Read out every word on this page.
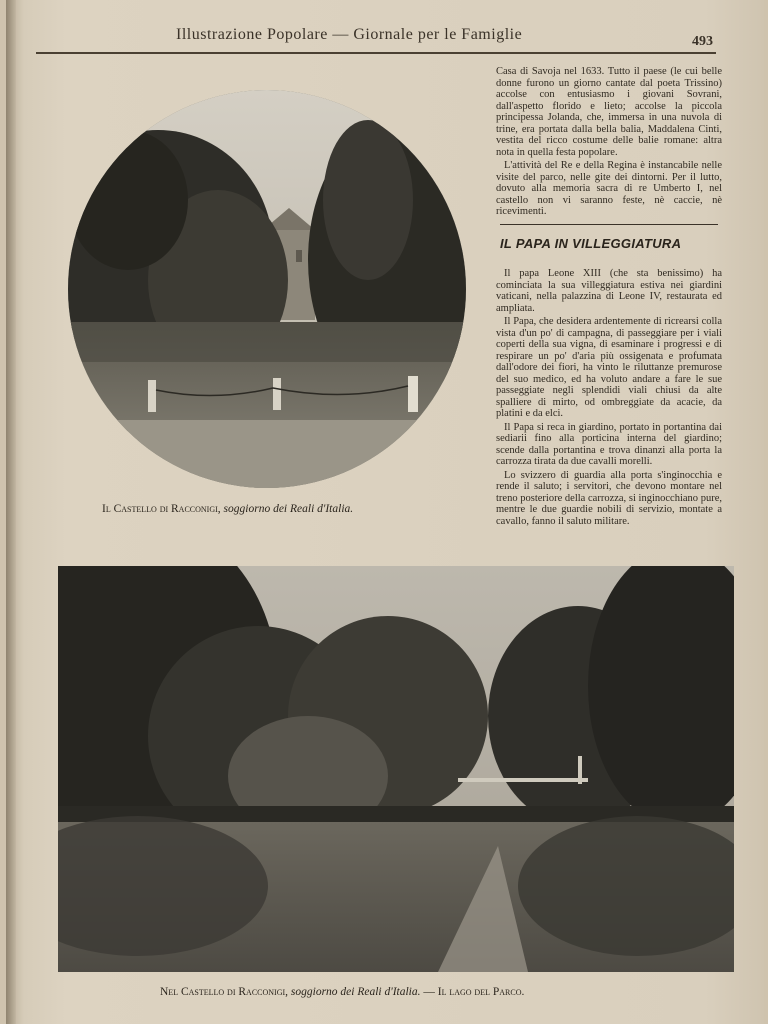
Illustrazione Popolare — Giornale per le Famiglie	493
Il Castello di Racconigi, soggiorno dei Reali d'Italia.

Casa di Savoja nel 1633. Tutto il paese (le cui belle donne furono un giorno cantate dal poeta Trissino) accolse con entusiasmo i giovani Sovrani, dall'aspetto florido e lieto; accolse la piccola principessa Jolanda, che, immersa in una nuvola di trine, era portata dalla bella balia, Maddalena Cinti, vestita del ricco costume delle balie romane: altra nota in quella festa popolare.

L'attività del Re e della Regina è instancabile nelle visite del parco, nelle gite dei dintorni. Per il lutto, dovuto alla memoria sacra di re Umberto I, nel castello non vi saranno feste, nè caccie, nè ricevimenti.

IL PAPA IN VILLEGGIATURA

Il papa Leone XIII (che sta benissimo) ha cominciata la sua villeggiatura estiva nei giardini vaticani, nella palazzina di Leone IV, restaurata ed ampliata.

Il Papa, che desidera ardentemente di ricrearsi colla vista d'un po' di campagna, di passeggiare per i viali coperti della sua vigna, di esaminare i progressi e di respirare un po' d'aria più ossigenata e profumata dall'odore dei fiori, ha vinto le riluttanze premurose del suo medico, ed ha voluto andare a fare le sue passeggiate negli splendidi viali chiusi da alte spalliere di mirto, od ombreggiate da acacie, da platini e da elci.

Il Papa si reca in giardino, portato in portantina dai sediarii fino alla porticina interna del giardino; scende dalla portantina e trova dinanzi alla porta la carrozza tirata da due cavalli morelli.

Lo svizzero di guardia alla porta s'inginocchia e rende il saluto; i servitori, che devono montare nel treno posteriore della carrozza, si inginocchiano pure, mentre le due guardie nobili di servizio, montate a cavallo, fanno il saluto militare.

Nel Castello di Racconigi, soggiorno dei Reali d'Italia. — Il lago del Parco.
